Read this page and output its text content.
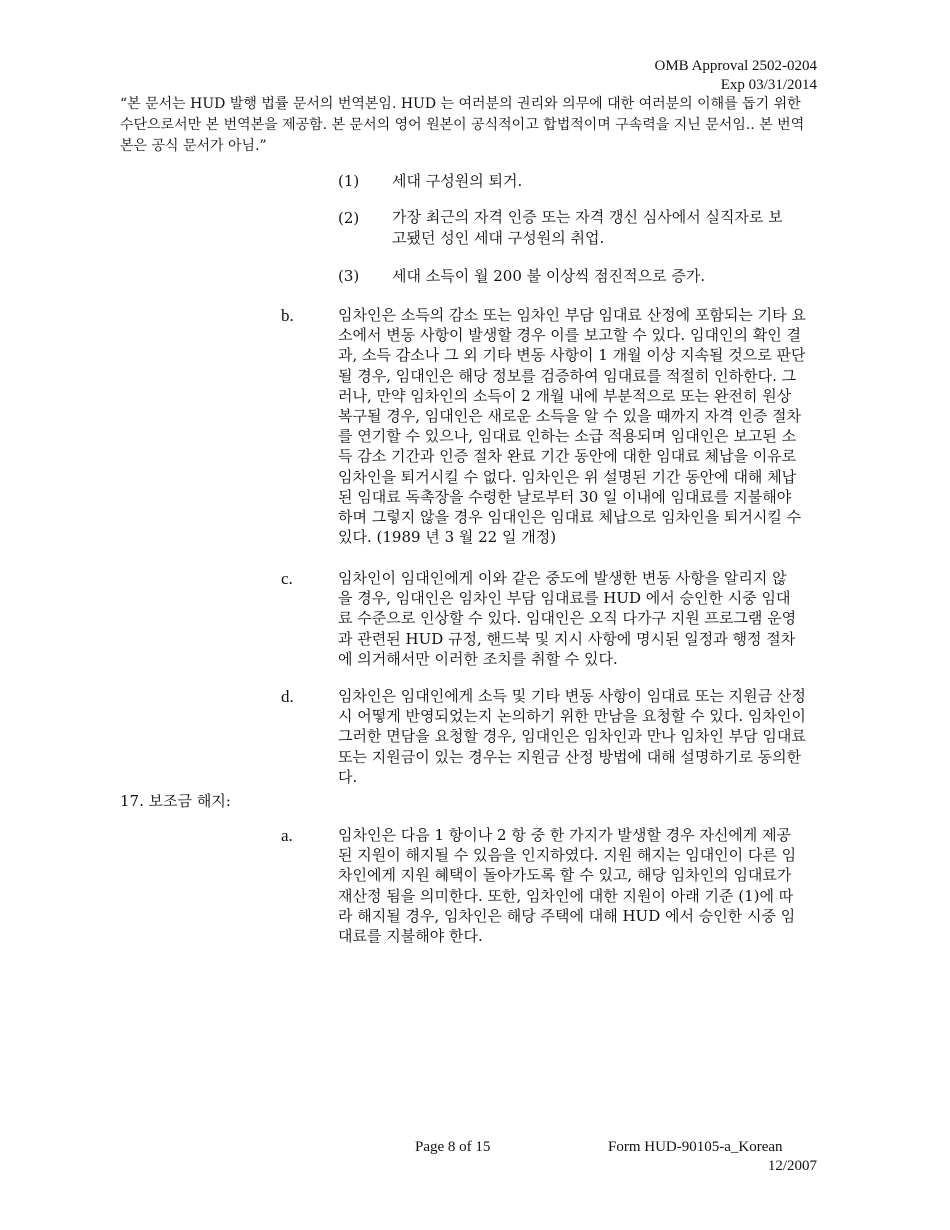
OMB Approval 2502-0204
Exp 03/31/2014
“본 문서는 HUD 발행 법률 문서의 번역본임. HUD 는 여러분의 권리와 의무에 대한 여러분의 이해를 돕기 위한 수단으로서만 본 번역본을 제공함. 본 문서의 영어 원본이 공식적이고 합법적이며 구속력을 지닌 문서임.. 본 번역본은 공식 문서가 아님.”
(1) 세대 구성원의 퇴거.
(2) 가장 최근의 자격 인증 또는 자격 갱신 심사에서 실직자로 보고됐던 성인 세대 구성원의 취업.
(3) 세대 소득이 월 200 불 이상씩 점진적으로 증가.
b.	임차인은 소득의 감소 또는 임차인 부담 임대료 산정에 포함되는 기타 요소에서 변동 사항이 발생할 경우 이를 보고할 수 있다. 임대인의 확인 결과, 소득 감소나 그 외 기타 변동 사항이 1 개월 이상 지속될 것으로 판단될 경우, 임대인은 해당 정보를 검증하여 임대료를 적절히 인하한다. 그러나, 만약 임차인의 소득이 2 개월 내에 부분적으로 또는 완전히 원상 복구될 경우, 임대인은 새로운 소득을 알 수 있을 때까지 자격 인증 절차를 연기할 수 있으나, 임대료 인하는 소급 적용되며 임대인은 보고된 소득 감소 기간과 인증 절차 완료 기간 동안에 대한 임대료 체납을 이유로 임차인을 퇴거시킬 수 없다. 임차인은 위 설명된 기간 동안에 대해 체납된 임대료 독촉장을 수령한 날로부터 30 일 이내에 임대료를 지불해야 하며 그렇지 않을 경우 임대인은 임대료 체납으로 임차인을 퇴거시킬 수 있다. (1989 년 3 월 22 일 개정)
c.	임차인이 임대인에게 이와 같은 중도에 발생한 변동 사항을 알리지 않을 경우, 임대인은 임차인 부담 임대료를 HUD 에서 승인한 시중 임대료 수준으로 인상할 수 있다. 임대인은 오직 다가구 지원 프로그램 운영과 관련된 HUD 규정, 핸드북 및 지시 사항에 명시된 일정과 행정 절차에 의거해서만 이러한 조치를 취할 수 있다.
d.	임차인은 임대인에게 소득 및 기타 변동 사항이 임대료 또는 지원금 산정 시 어떻게 반영되었는지 논의하기 위한 만남을 요청할 수 있다. 임차인이 그러한 면담을 요청할 경우, 임대인은 임차인과 만나 임차인 부담 임대료 또는 지원금이 있는 경우는 지원금 산정 방법에 대해 설명하기로 동의한다.
17. 보조금 해지:
a.	임차인은 다음 1 항이나 2 항 중 한 가지가 발생할 경우 자신에게 제공된 지원이 해지될 수 있음을 인지하였다. 지원 해지는 임대인이 다른 임차인에게 지원 혜택이 돌아가도록 할 수 있고, 해당 임차인의 임대료가 재산정 됨을 의미한다. 또한, 임차인에 대한 지원이 아래 기준 (1)에 따라 해지될 경우, 임차인은 해당 주택에 대해 HUD 에서 승인한 시중 임대료를 지불해야 한다.
Page 8 of 15	Form HUD-90105-a_Korean
12/2007
